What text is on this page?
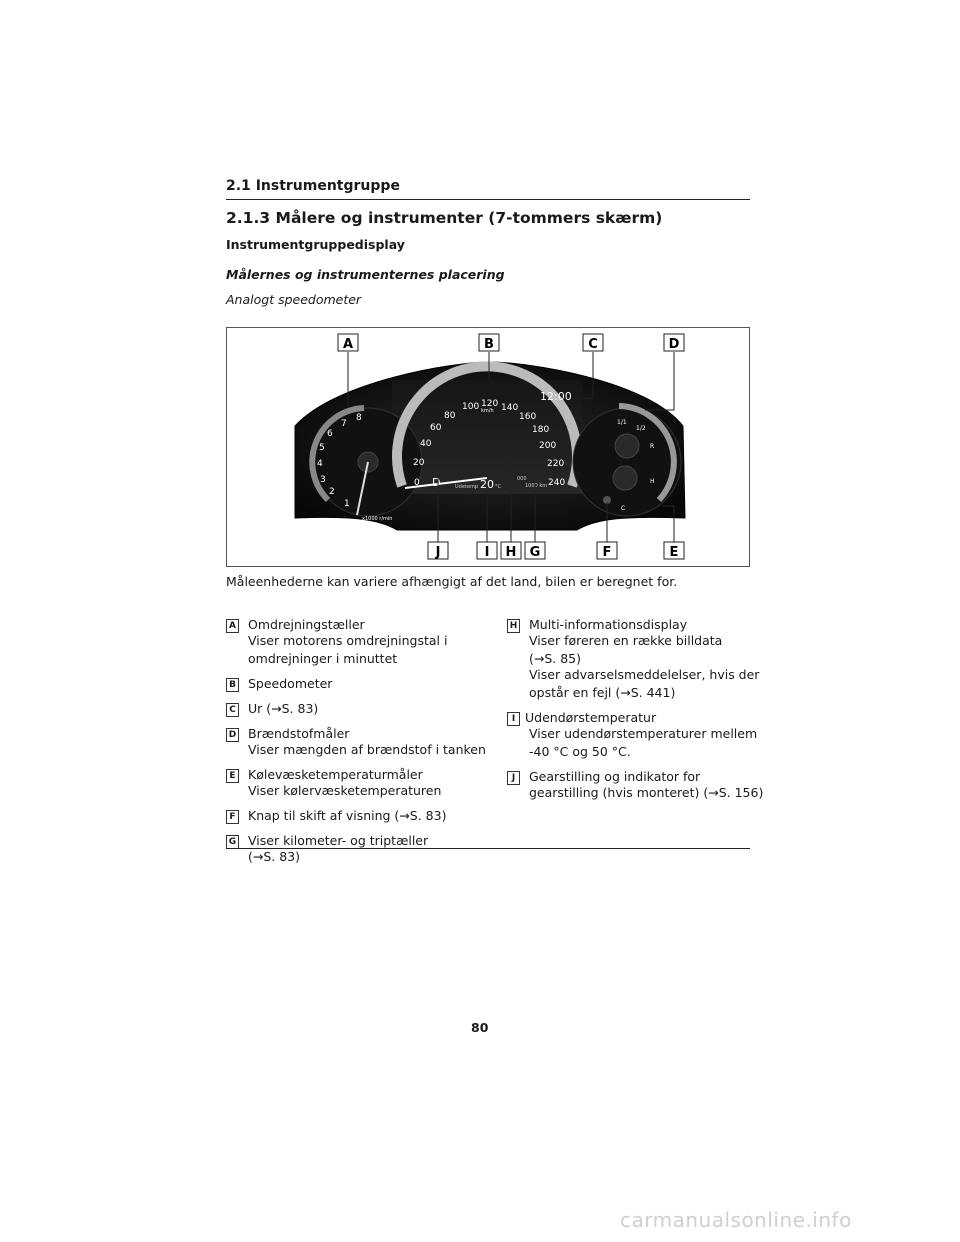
2.1 Instrumentgruppe
2.1.3 Målere og instrumenter (7-tommers skærm)
Instrumentgruppedisplay
Målernes og instrumenternes placering
Analogt speedometer
1
2
3
4
5
6
7
8
x1000 r/min
0
20
40
60
80
100 120 140
160
180
200
220
240
km/h
12:00
D	Udetemp 20 °C
000
1000 km
1/1
1/2
R
H
C
A	B	C	D
J	I H G	F	E
Måleenhederne kan variere afhængigt af det land, bilen er beregnet for.
A Omdrejningstæller
Viser motorens omdrejningstal i
omdrejninger i minuttet
B Speedometer
C Ur (→S. 83)
D Brændstofmåler
Viser mængden af brændstof i tanken
E Kølevæsketemperaturmåler
Viser kølervæsketemperaturen
F Knap til skift af visning (→S. 83)
G Viser kilometer- og triptæller
(→S. 83)
H Multi-informationsdisplay
Viser føreren en række billdata
(→S. 85)
Viser advarselsmeddelelser, hvis der
opstår en fejl (→S. 441)
I Udendørstemperatur
Viser udendørstemperaturer mellem
-40 °C og 50 °C.
J	Gearstilling og indikator for
gearstilling (hvis monteret) (→S. 156)
80
carmanualsonline.info
